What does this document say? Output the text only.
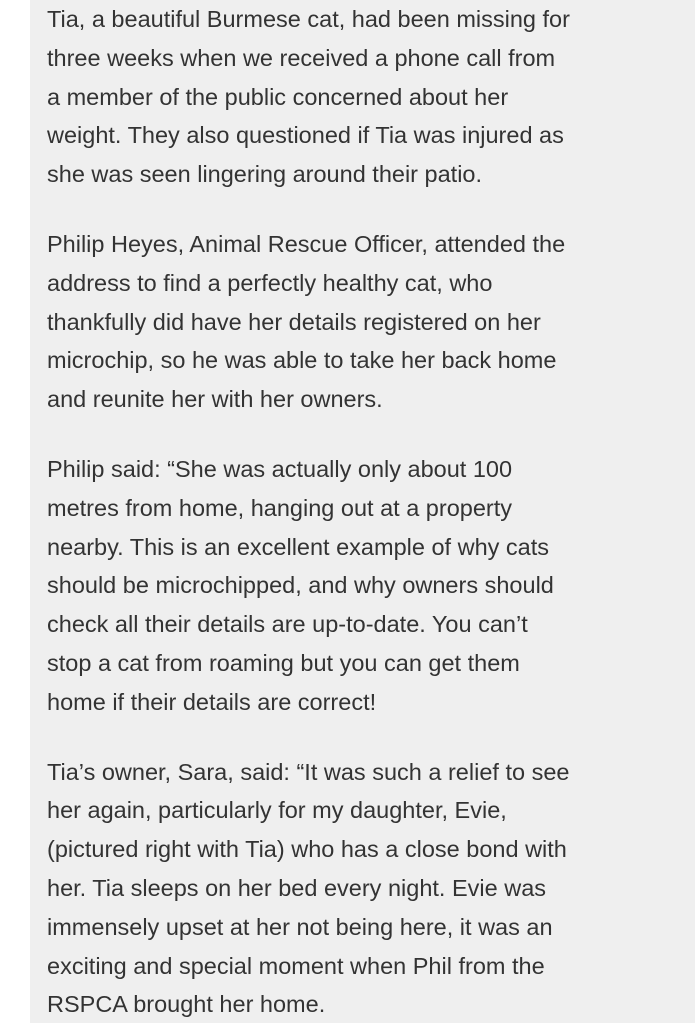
Tia, a beautiful Burmese cat, had been missing for
three weeks when we received a phone call from
a member of the public concerned about her
weight. They also questioned if Tia was injured as
she was seen lingering around their patio.

Philip Heyes, Animal Rescue Officer, attended the
address to find a perfectly healthy cat, who
thankfully did have her details registered on her
microchip, so he was able to take her back home
and reunite her with her owners.

Philip said: “She was actually only about 100
metres from home, hanging out at a property
nearby. This is an excellent example of why cats
should be microchipped, and why owners should
check all their details are up-to-date. You can’t
stop a cat from roaming but you can get them
home if their details are correct!

Tia’s owner, Sara, said: “It was such a relief to see
her again, particularly for my daughter, Evie,
(pictured right with Tia) who has a close bond with
her. Tia sleeps on her bed every night. Evie was
immensely upset at her not being here, it was an
exciting and special moment when Phil from the
RSPCA brought her home.
